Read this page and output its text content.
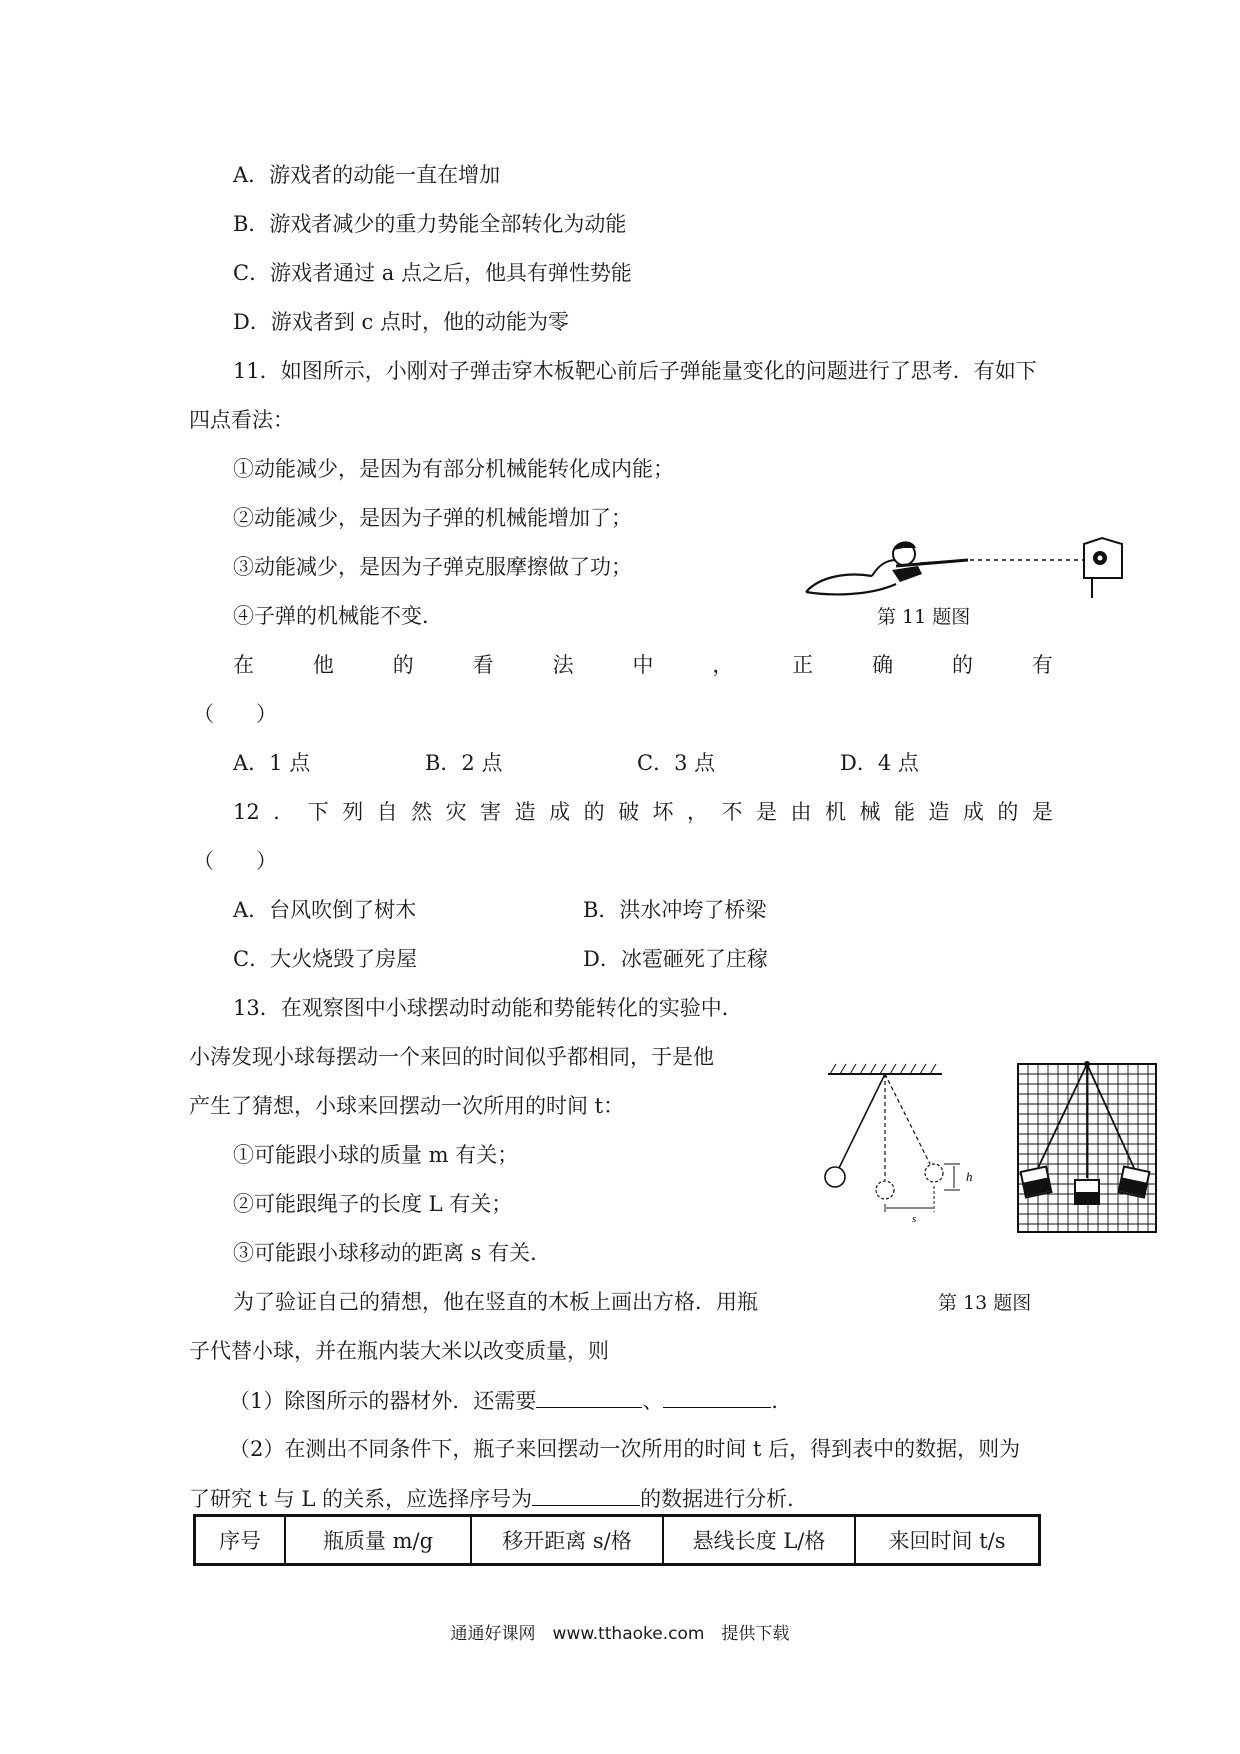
A．游戏者的动能一直在增加
B．游戏者减少的重力势能全部转化为动能
C．游戏者通过 a 点之后，他具有弹性势能
D．游戏者到 c 点时，他的动能为零
11．如图所示，小刚对子弹击穿木板靶心前后子弹能量变化的问题进行了思考．有如下
四点看法：
①动能减少，是因为有部分机械能转化成内能；
②动能减少，是因为子弹的机械能增加了；
③动能减少，是因为子弹克服摩擦做了功；
④子弹的机械能不变．	第 11 题图
在	他	的	看	法	中	，	正	确	的	有
（　　）
A．1 点	B．2 点	C．3 点	D．4 点
12 ． 下 列 自 然 灾 害 造 成 的 破 坏 ， 不 是 由 机 械 能 造 成 的 是
（　　）
A．台风吹倒了树木	B．洪水冲垮了桥梁
C．大火烧毁了房屋	D．冰雹砸死了庄稼
13．在观察图中小球摆动时动能和势能转化的实验中．
小涛发现小球每摆动一个来回的时间似乎都相同，于是他
产生了猜想，小球来回摆动一次所用的时间 t：
①可能跟小球的质量 m 有关；
②可能跟绳子的长度 L 有关；
③可能跟小球移动的距离 s 有关．
为了验证自己的猜想，他在竖直的木板上画出方格．用瓶
子代替小球，并在瓶内装大米以改变质量，则
h
s
第 13 题图
（1）除图所示的器材外．还需要	、	．
（2）在测出不同条件下，瓶子来回摆动一次所用的时间 t 后，得到表中的数据，则为
了研究 t 与 L 的关系，应选择序号为	的数据进行分析．
序号	瓶质量 m/g	移开距离 s/格	悬线长度 L/格	来回时间 t/s
通通好课网　www.tthaoke.com　提供下载
